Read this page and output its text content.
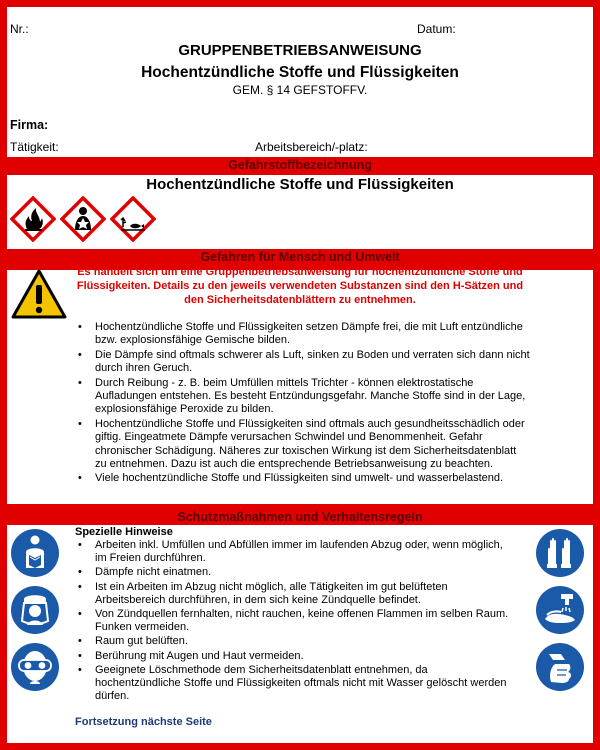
Nr.:	Datum:
GRUPPENBETRIEBSANWEISUNG
Hochentzündliche Stoffe und Flüssigkeiten
GEM. § 14 GEFSTOFFV.
Firma:
Tätigkeit:	Arbeitsbereich/-platz:
Gefahrstoffbezeichnung
Hochentzündliche Stoffe und Flüssigkeiten
Gefahren für Mensch und Umwelt
Es handelt sich um eine Gruppenbetriebsanweisung für hochentzündliche Stoffe und Flüssigkeiten. Details zu den jeweils verwendeten Substanzen sind den H-Sätzen und den Sicherheitsdatenblättern zu entnehmen.
• Hochentzündliche Stoffe und Flüssigkeiten setzen Dämpfe frei, die mit Luft entzündliche bzw. explosionsfähige Gemische bilden.
• Die Dämpfe sind oftmals schwerer als Luft, sinken zu Boden und verraten sich dann nicht durch ihren Geruch.
• Durch Reibung - z. B. beim Umfüllen mittels Trichter - können elektrostatische Aufladungen entstehen. Es besteht Entzündungsgefahr. Manche Stoffe sind in der Lage, explosionsfähige Peroxide zu bilden.
• Hochentzündliche Stoffe und Flüssigkeiten sind oftmals auch gesundheitsschädlich oder giftig. Eingeatmete Dämpfe verursachen Schwindel und Benommenheit. Gefahr chronischer Schädigung. Näheres zur toxischen Wirkung ist dem Sicherheitsdatenblatt zu entnehmen. Dazu ist auch die entsprechende Betriebsanweisung zu beachten.
• Viele hochentzündliche Stoffe und Flüssigkeiten sind umwelt- und wasserbelastend.
Schutzmaßnahmen und Verhaltensregeln
Spezielle Hinweise
• Arbeiten inkl. Umfüllen und Abfüllen immer im laufenden Abzug oder, wenn möglich, im Freien durchführen.
• Dämpfe nicht einatmen.
• Ist ein Arbeiten im Abzug nicht möglich, alle Tätigkeiten im gut belüfteten Arbeitsbereich durchführen, in dem sich keine Zündquelle befindet.
• Von Zündquellen fernhalten, nicht rauchen, keine offenen Flammen im selben Raum. Funken vermeiden.
• Raum gut belüften.
• Berührung mit Augen und Haut vermeiden.
• Geeignete Löschmethode dem Sicherheitsdatenblatt entnehmen, da hochentzündliche Stoffe und Flüssigkeiten oftmals nicht mit Wasser gelöscht werden dürfen.
Fortsetzung nächste Seite
